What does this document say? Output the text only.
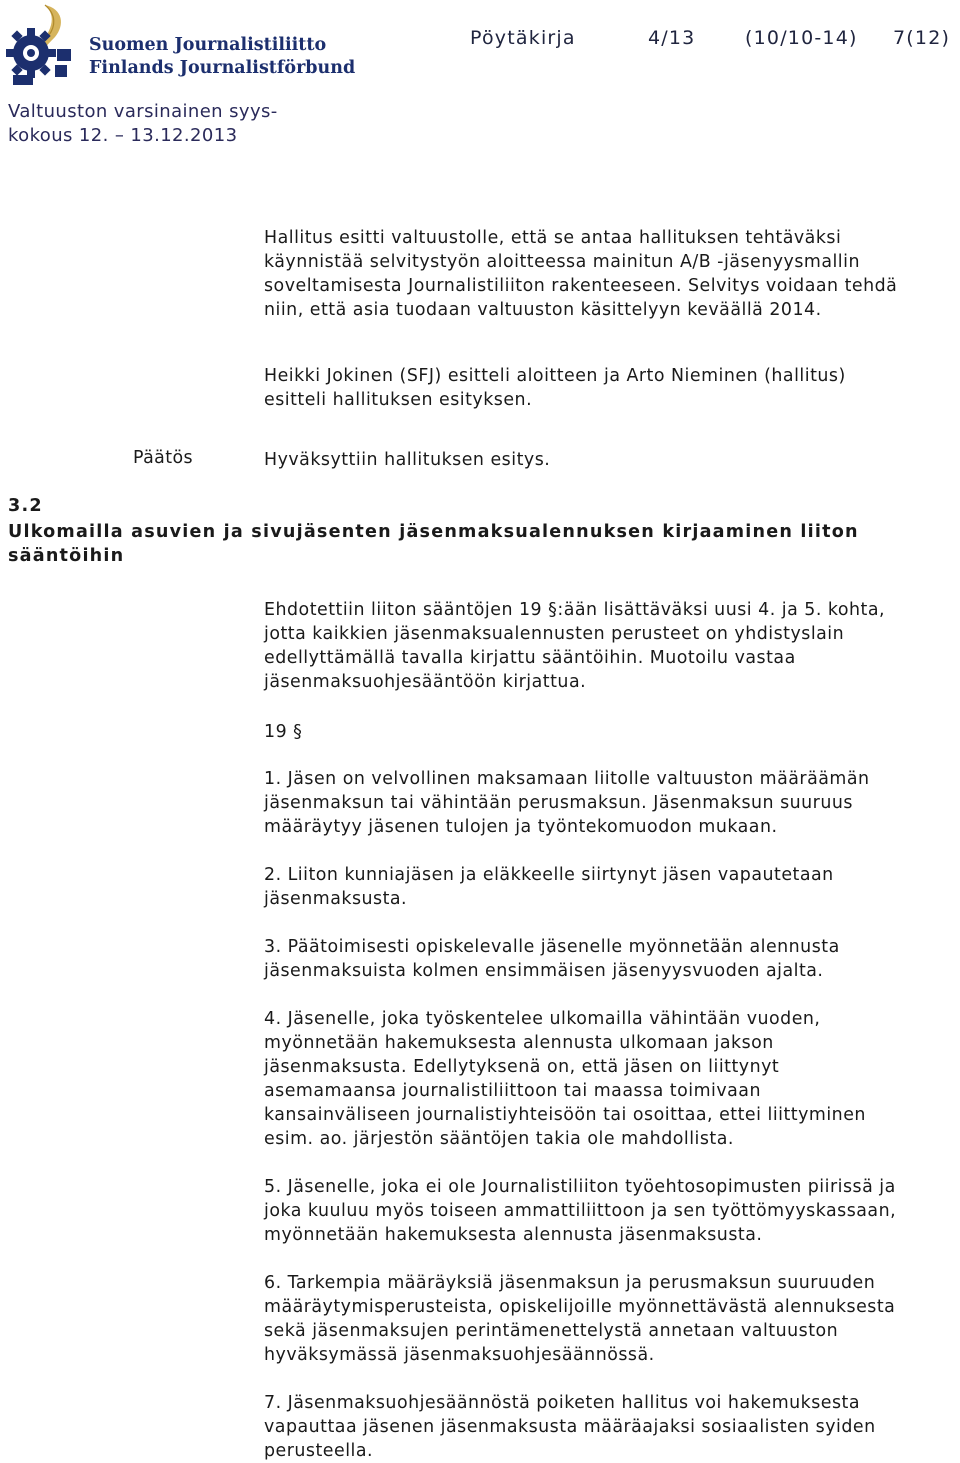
Suomen Journalistiliitto
Finlands Journalistförbund
Pöytäkirja	4/13	(10/10-14) 7(12)
Valtuuston varsinainen syys-
kokous 12. – 13.12.2013
Hallitus esitti valtuustolle, että se antaa hallituksen tehtäväksi
käynnistää selvitystyön aloitteessa mainitun A/B -jäsenyysmallin
soveltamisesta Journalistiliiton rakenteeseen. Selvitys voidaan tehdä
niin, että asia tuodaan valtuuston käsittelyyn keväällä 2014.
Heikki Jokinen (SFJ) esitteli aloitteen ja Arto Nieminen (hallitus)
esitteli hallituksen esityksen.
Päätös	Hyväksyttiin hallituksen esitys.
3.2
Ulkomailla asuvien ja sivujäsenten jäsenmaksualennuksen kirjaaminen liiton
sääntöihin
Ehdotettiin liiton sääntöjen 19 §:ään lisättäväksi uusi 4. ja 5. kohta,
jotta kaikkien jäsenmaksualennusten perusteet on yhdistyslain
edellyttämällä tavalla kirjattu sääntöihin. Muotoilu vastaa
jäsenmaksuohjesääntöön kirjattua.
19 §
1. Jäsen on velvollinen maksamaan liitolle valtuuston määräämän
jäsenmaksun tai vähintään perusmaksun. Jäsenmaksun suuruus
määräytyy jäsenen tulojen ja työntekomuodon mukaan.
2. Liiton kunniajäsen ja eläkkeelle siirtynyt jäsen vapautetaan
jäsenmaksusta.
3. Päätoimisesti opiskelevalle jäsenelle myönnetään alennusta
jäsenmaksuista kolmen ensimmäisen jäsenyysvuoden ajalta.
4. Jäsenelle, joka työskentelee ulkomailla vähintään vuoden,
myönnetään hakemuksesta alennusta ulkomaan jakson
jäsenmaksusta. Edellytyksenä on, että jäsen on liittynyt
asemamaansa journalistiliittoon tai maassa toimivaan
kansainväliseen journalistiyhteisöön tai osoittaa, ettei liittyminen
esim. ao. järjestön sääntöjen takia ole mahdollista.
5. Jäsenelle, joka ei ole Journalistiliiton työehtosopimusten piirissä ja
joka kuuluu myös toiseen ammattiliittoon ja sen työttömyyskassaan,
myönnetään hakemuksesta alennusta jäsenmaksusta.
6. Tarkempia määräyksiä jäsenmaksun ja perusmaksun suuruuden
määräytymisperusteista, opiskelijoille myönnettävästä alennuksesta
sekä jäsenmaksujen perintämenettelystä annetaan valtuuston
hyväksymässä jäsenmaksuohjesäännössä.
7. Jäsenmaksuohjesäännöstä poiketen hallitus voi hakemuksesta
vapauttaa jäsenen jäsenmaksusta määräajaksi sosiaalisten syiden
perusteella.
